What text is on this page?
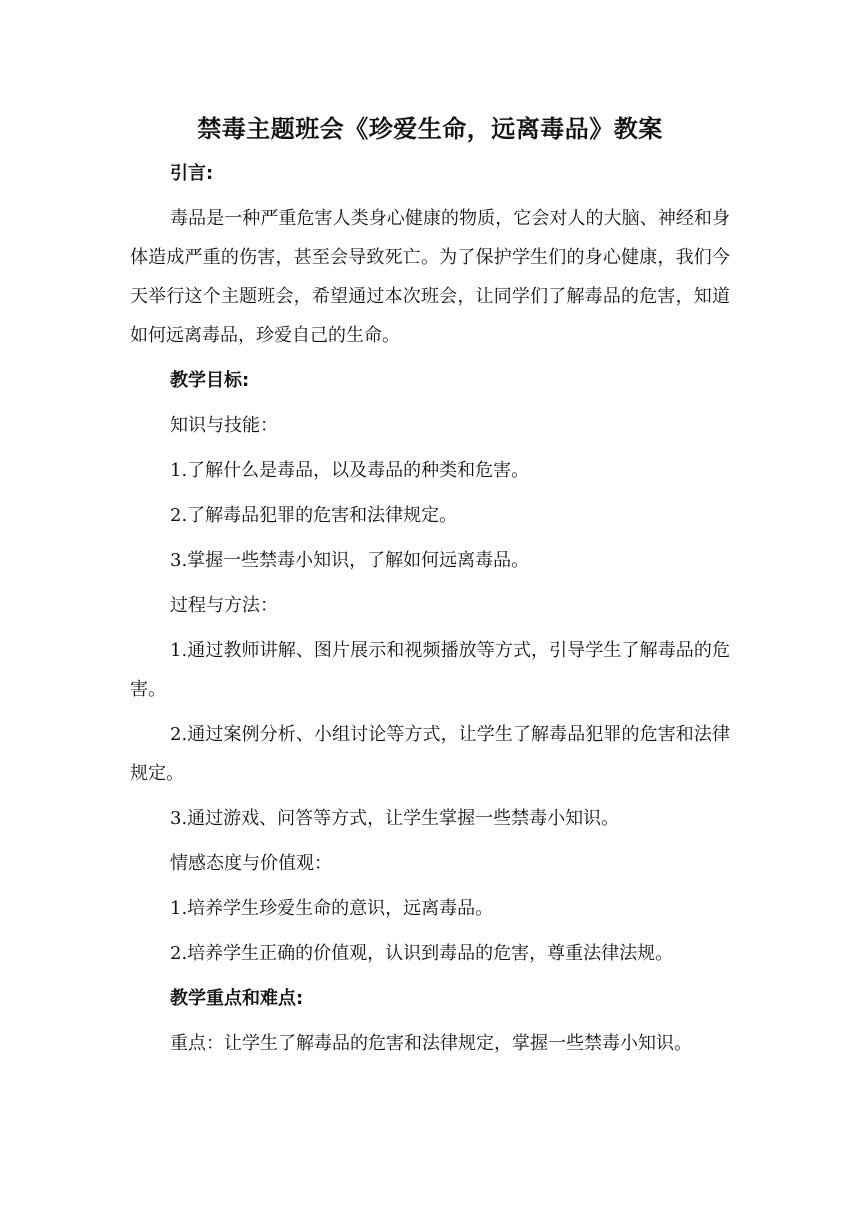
禁毒主题班会《珍爱生命，远离毒品》教案

引言:

毒品是一种严重危害人类身心健康的物质，它会对人的大脑、神经和身体造成严重的伤害，甚至会导致死亡。为了保护学生们的身心健康，我们今天举行这个主题班会，希望通过本次班会，让同学们了解毒品的危害，知道如何远离毒品，珍爱自己的生命。

教学目标:

知识与技能：

1.了解什么是毒品，以及毒品的种类和危害。

2.了解毒品犯罪的危害和法律规定。

3.掌握一些禁毒小知识，了解如何远离毒品。

过程与方法：

1.通过教师讲解、图片展示和视频播放等方式，引导学生了解毒品的危害。

2.通过案例分析、小组讨论等方式，让学生了解毒品犯罪的危害和法律规定。

3.通过游戏、问答等方式，让学生掌握一些禁毒小知识。

情感态度与价值观：

1.培养学生珍爱生命的意识，远离毒品。

2.培养学生正确的价值观，认识到毒品的危害，尊重法律法规。

教学重点和难点:

重点：让学生了解毒品的危害和法律规定，掌握一些禁毒小知识。
